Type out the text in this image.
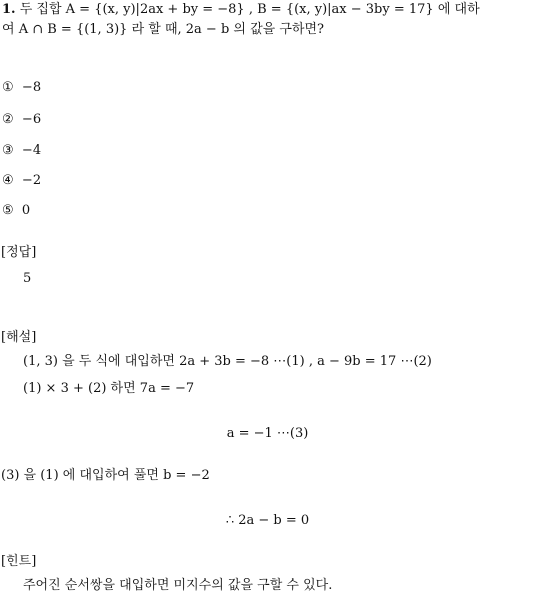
1. 두 집합 A = {(x, y)|2ax + by = −8} , B = {(x, y)|ax − 3by = 17} 에 대하
여 A ∩ B = {(1, 3)} 라 할 때, 2a − b 의 값을 구하면?
① −8
② −6
③ −4
④ −2
⑤ 0
[정답]
5
[해설]
(1, 3) 을 두 식에 대입하면 2a + 3b = −8 ⋯(1) , a − 9b = 17 ⋯(2)
(1) × 3 + (2) 하면 7a = −7
a = −1 ⋯(3)
(3) 을 (1) 에 대입하여 풀면 b = −2
∴ 2a − b = 0
[힌트]
주어진 순서쌍을 대입하면 미지수의 값을 구할 수 있다.
